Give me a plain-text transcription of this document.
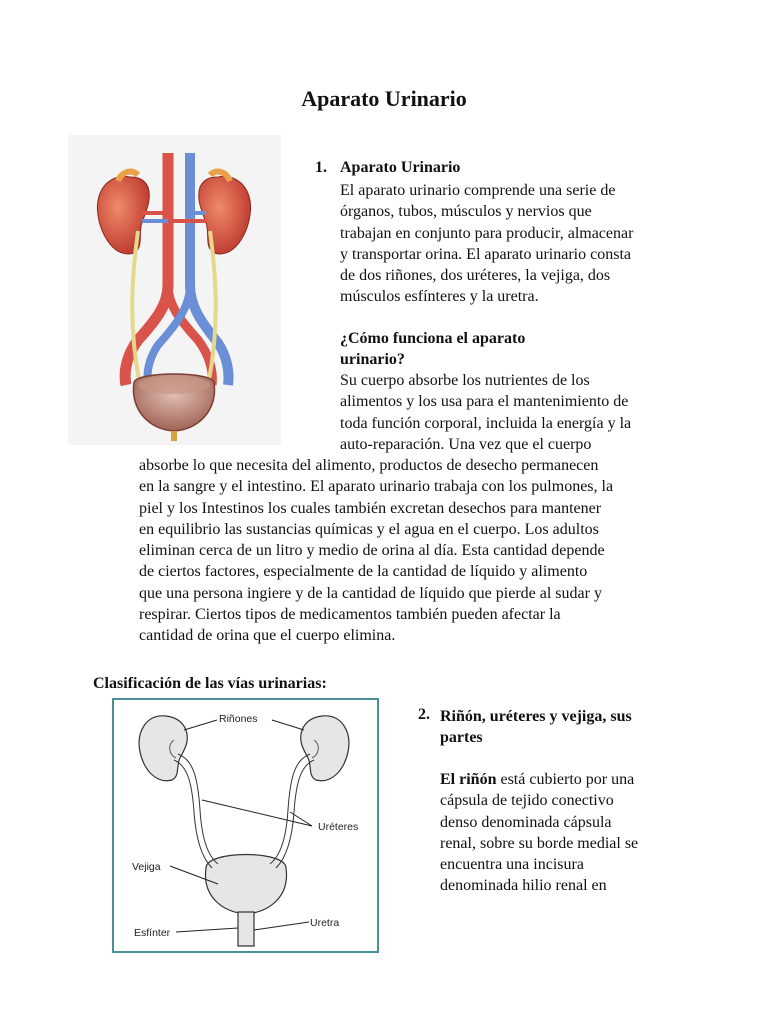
Aparato Urinario
1. Aparato Urinario
El aparato urinario comprende una serie de
órganos, tubos, músculos y nervios que
trabajan en conjunto para producir, almacenar
y transportar orina. El aparato urinario consta
de dos riñones, dos uréteres, la vejiga, dos
músculos esfínteres y la uretra.
¿Cómo funciona el aparato
urinario?
Su cuerpo absorbe los nutrientes de los
alimentos y los usa para el mantenimiento de
toda función corporal, incluida la energía y la
auto-reparación. Una vez que el cuerpo
absorbe lo que necesita del alimento, productos de desecho permanecen
en la sangre y el intestino. El aparato urinario trabaja con los pulmones, la
piel y los Intestinos los cuales también excretan desechos para mantener
en equilibrio las sustancias químicas y el agua en el cuerpo. Los adultos
eliminan cerca de un litro y medio de orina al día. Esta cantidad depende
de ciertos factores, especialmente de la cantidad de líquido y alimento
que una persona ingiere y de la cantidad de líquido que pierde al sudar y
respirar. Ciertos tipos de medicamentos también pueden afectar la
cantidad de orina que el cuerpo elimina.
Clasificación de las vías urinarias:
Riñones
Uréteres
Vejiga
Esfínter
Uretra
2. Riñón, uréteres y vejiga, sus
partes
El riñón está cubierto por una
cápsula de tejido conectivo
denso denominada cápsula
renal, sobre su borde medial se
encuentra una incisura
denominada hilio renal en
